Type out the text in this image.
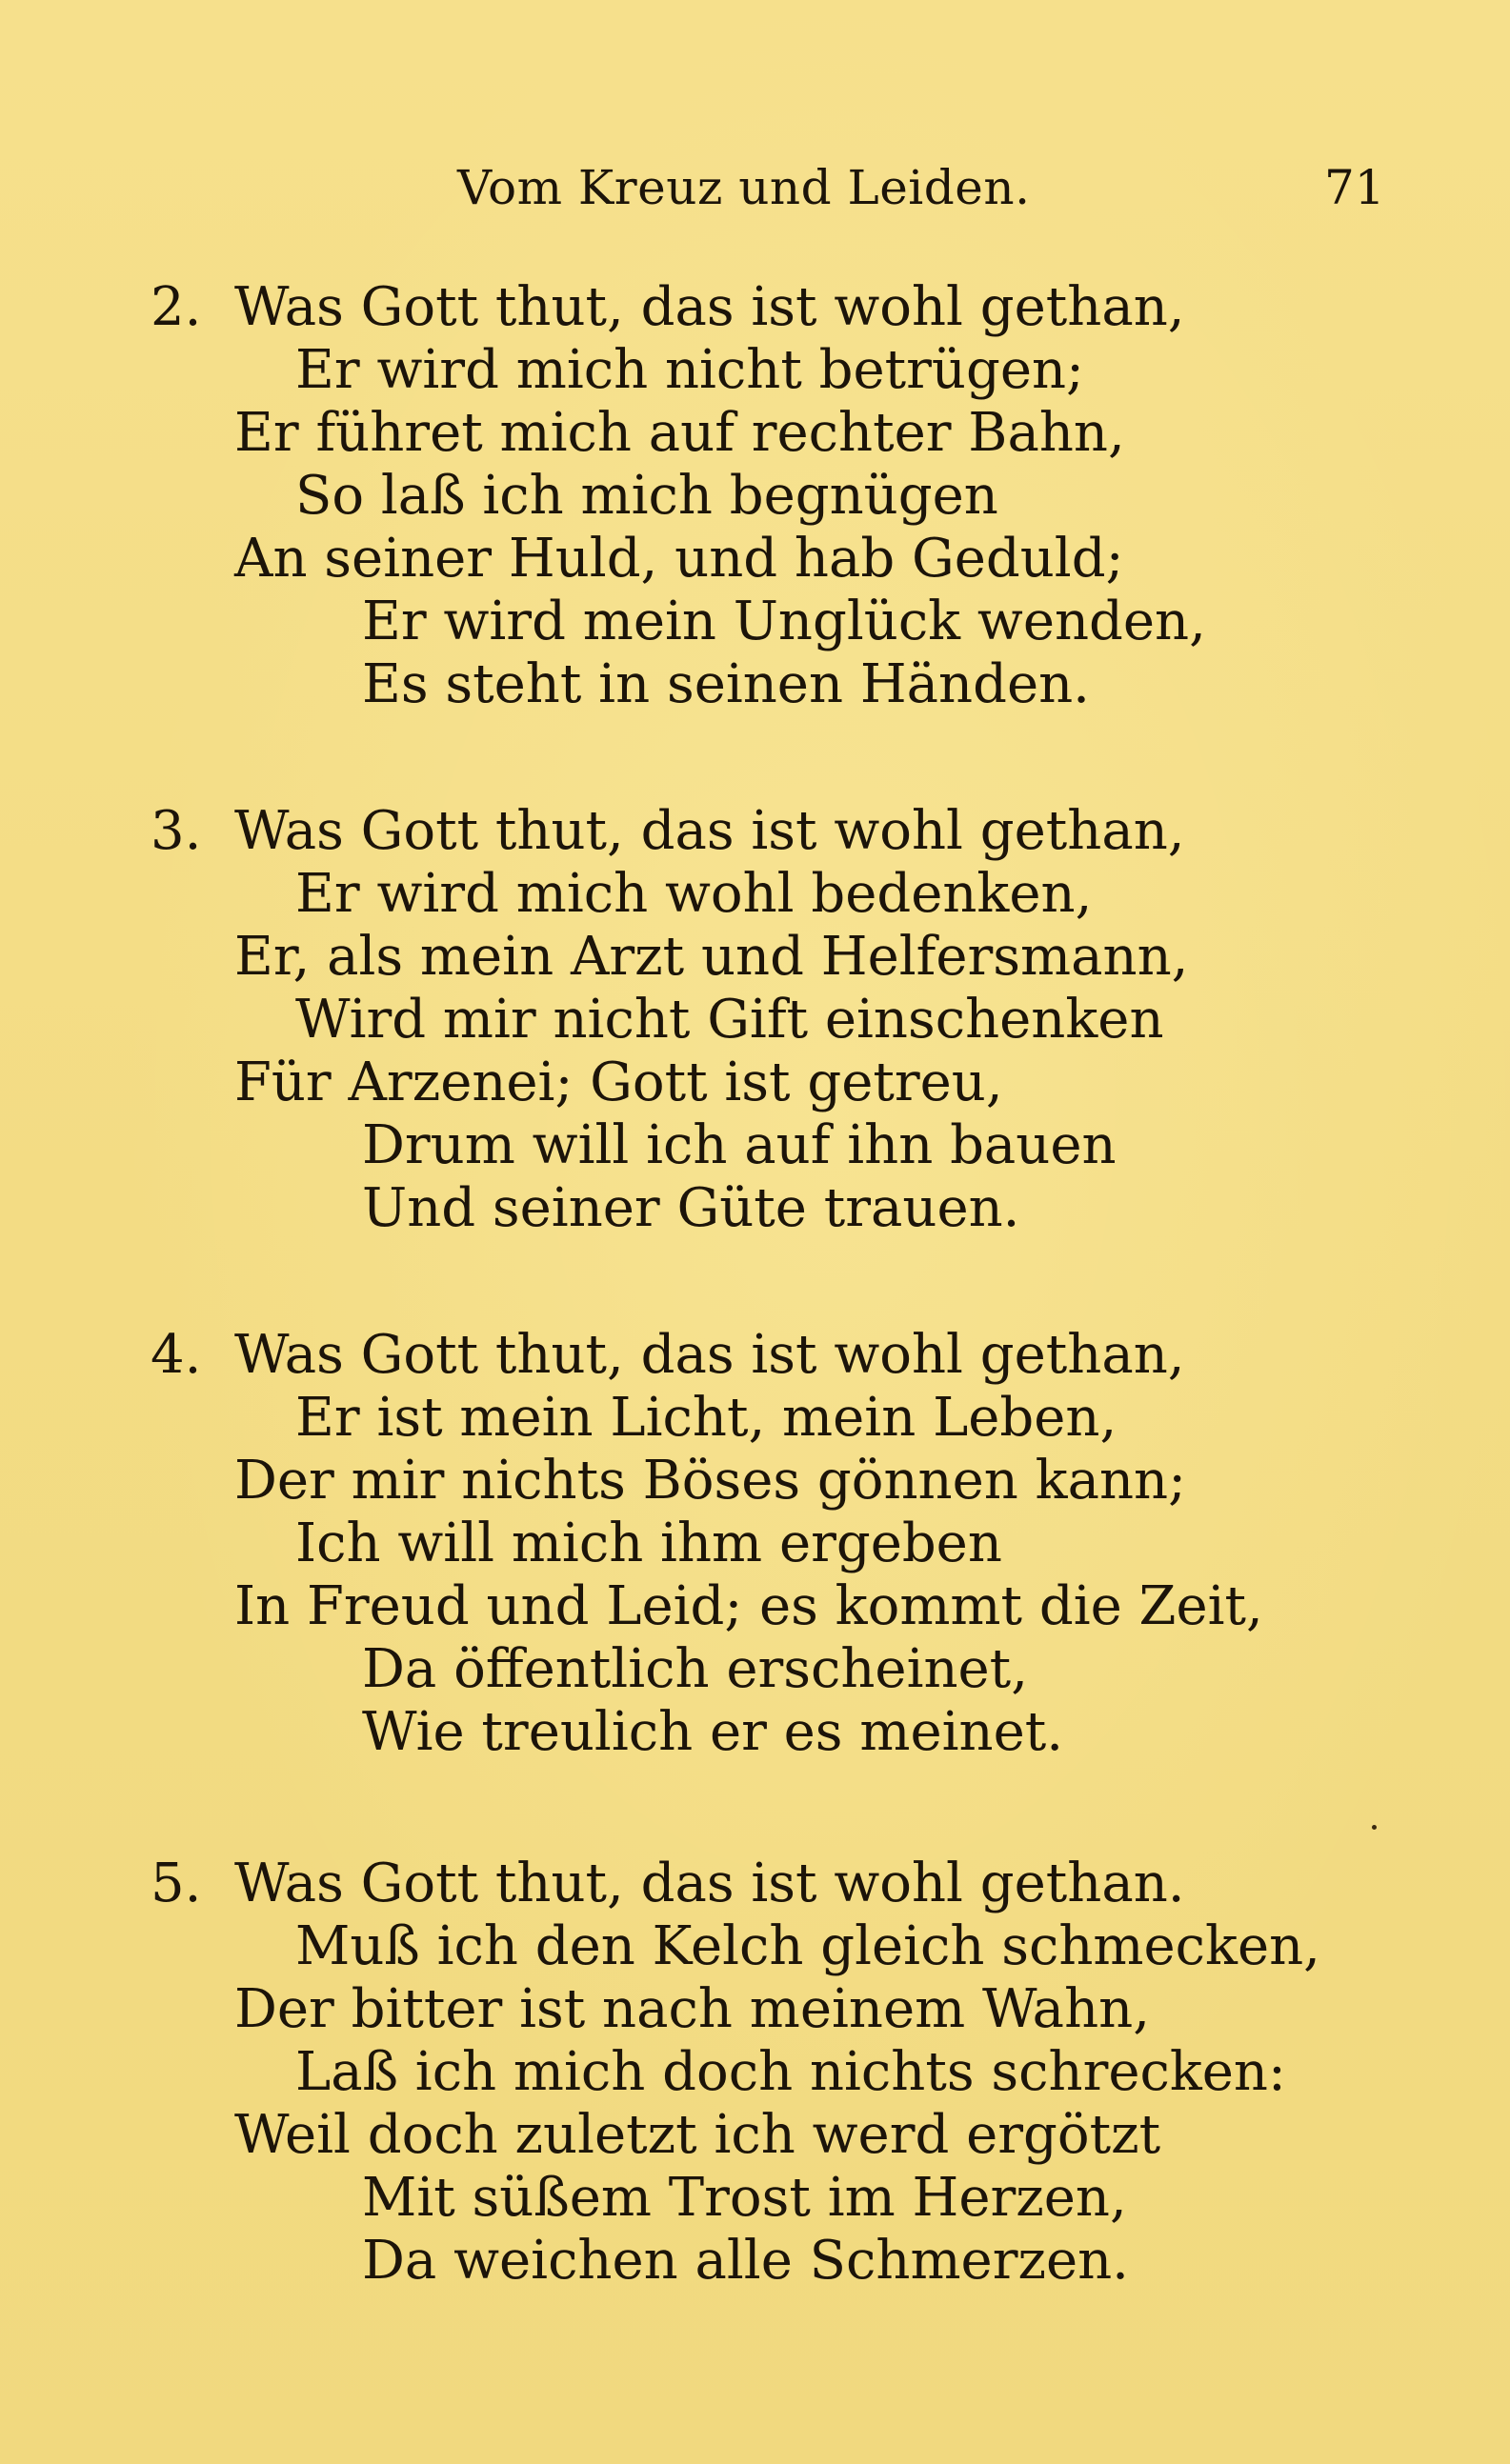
Vom Kreuz und Leiden.	71
2. Was Gott thut, das ist wohl gethan,
Er wird mich nicht betrügen;
Er führet mich auf rechter Bahn,
So laß ich mich begnügen
An seiner Huld, und hab Geduld;
Er wird mein Unglück wenden,
Es steht in seinen Händen.
3. Was Gott thut, das ist wohl gethan,
Er wird mich wohl bedenken,
Er, als mein Arzt und Helfersmann,
Wird mir nicht Gift einschenken
Für Arzenei; Gott ist getreu,
Drum will ich auf ihn bauen
Und seiner Güte trauen.
4. Was Gott thut, das ist wohl gethan,
Er ist mein Licht, mein Leben,
Der mir nichts Böses gönnen kann;
Ich will mich ihm ergeben
In Freud und Leid; es kommt die Zeit,
Da öffentlich erscheinet,
Wie treulich er es meinet.
5. Was Gott thut, das ist wohl gethan.
Muß ich den Kelch gleich schmecken,
Der bitter ist nach meinem Wahn,
Laß ich mich doch nichts schrecken:
Weil doch zuletzt ich werd ergötzt
Mit süßem Trost im Herzen,
Da weichen alle Schmerzen.
